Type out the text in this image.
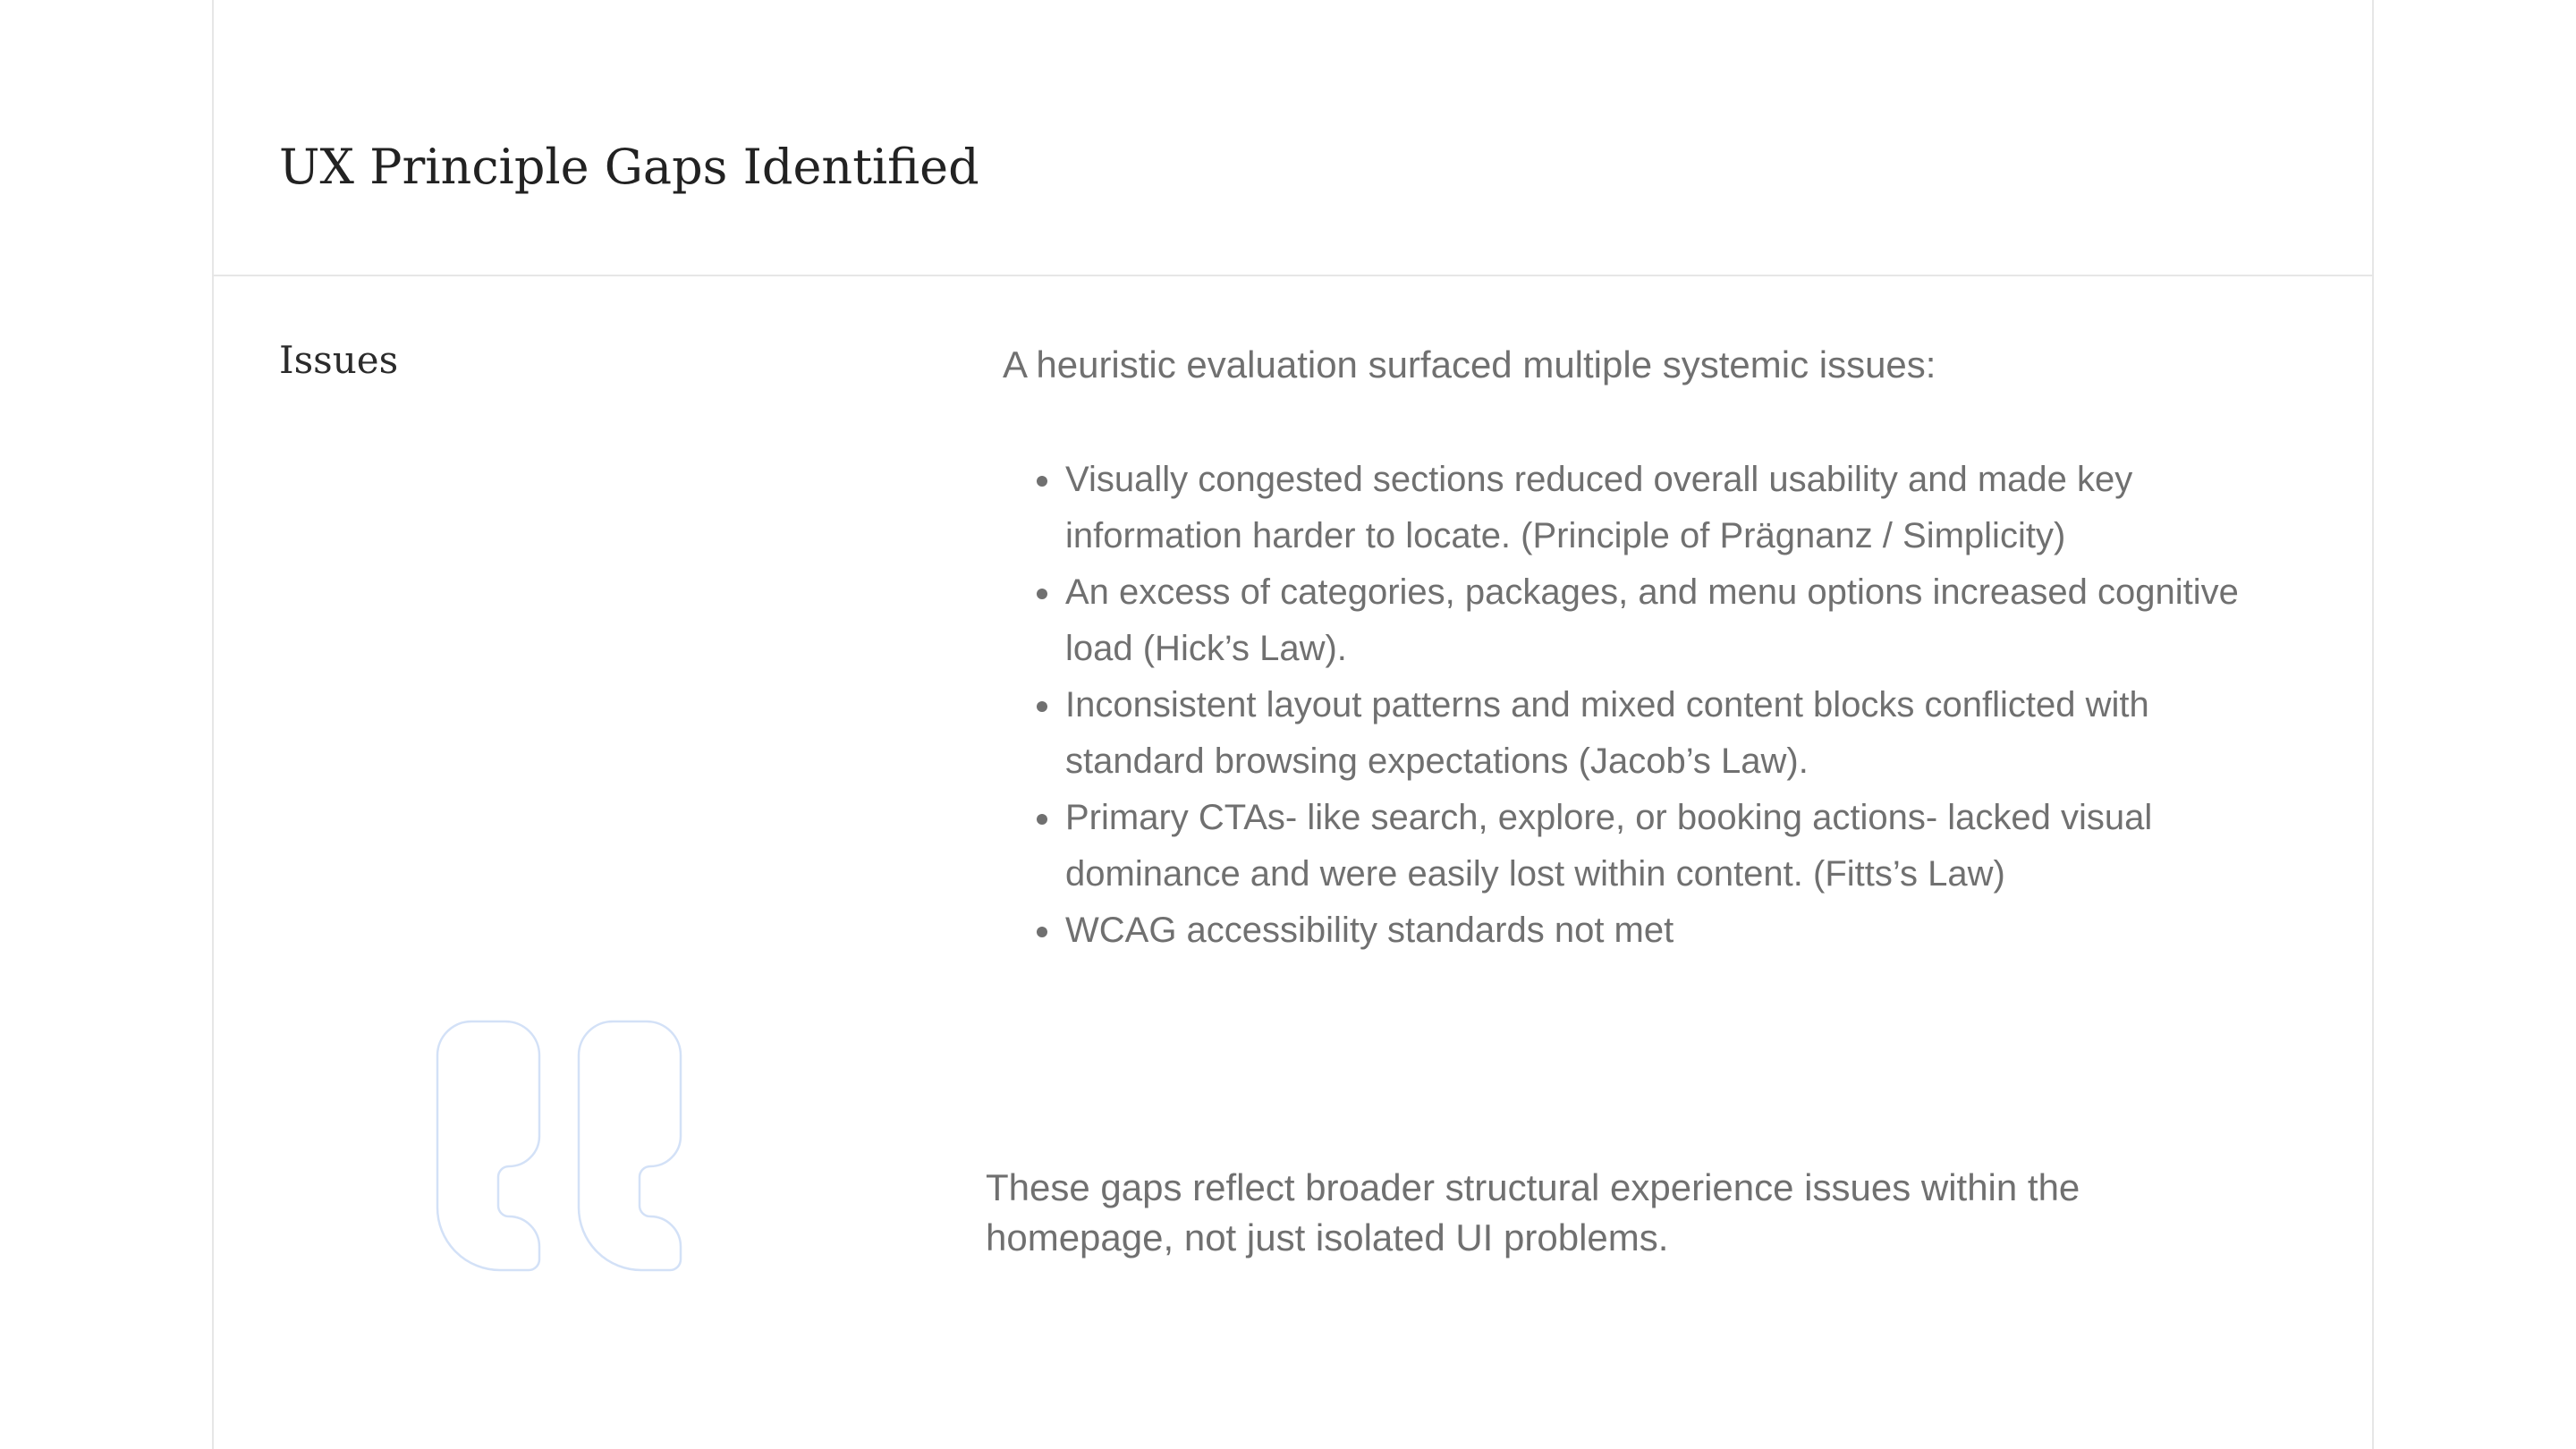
UX Principle Gaps Identified
Issues	A heuristic evaluation surfaced multiple systemic issues:
• Visually congested sections reduced overall usability and made key information harder to locate. (Principle of Prägnanz / Simplicity)
• An excess of categories, packages, and menu options increased cognitive load (Hick’s Law).
• Inconsistent layout patterns and mixed content blocks conflicted with standard browsing expectations (Jacob’s Law).
• Primary CTAs- like search, explore, or booking actions- lacked visual dominance and were easily lost within content. (Fitts’s Law)
• WCAG accessibility standards not met
These gaps reflect broader structural experience issues within the homepage, not just isolated UI problems.
